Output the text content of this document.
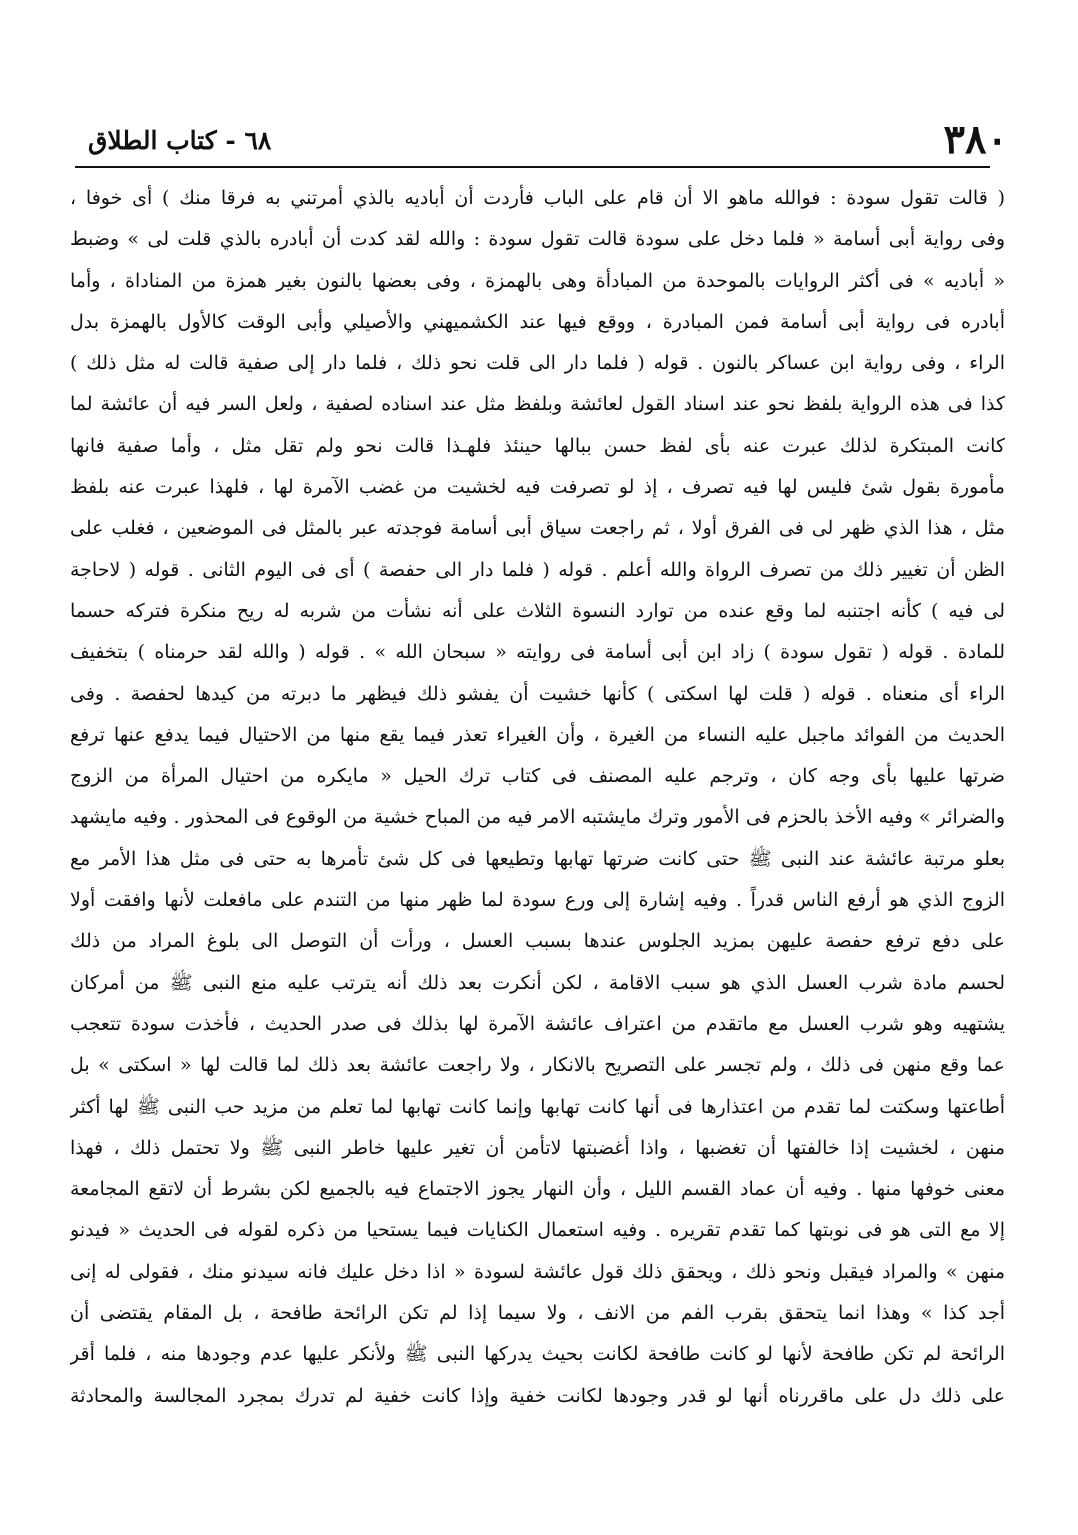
٣٨٠
٦٨ - كتاب الطلاق
( قالت تقول سودة : فوالله ماهو الا أن قام على الباب فأردت أن أباديه بالذي أمرتني به فرقا منك ) أى خوفا ،
وفى رواية أبى أسامة « فلما دخل على سودة قالت تقول سودة : والله لقد كدت أن أبادره بالذي قلت لى » وضبط
« أباديه » فى أكثر الروايات بالموحدة من المبادأة وهى بالهمزة ، وفى بعضها بالنون بغير همزة من المناداة ، وأما
أبادره فى رواية أبى أسامة فمن المبادرة ، ووقع فيها عند الكشميهني والأصيلي وأبى الوقت كالأول بالهمزة بدل
الراء ، وفى رواية ابن عساكر بالنون . قوله ( فلما دار الى قلت نحو ذلك ، فلما دار إلى صفية قالت له مثل ذلك )
كذا فى هذه الرواية بلفظ نحو عند اسناد القول لعائشة وبلفظ مثل عند اسناده لصفية ، ولعل السر فيه أن عائشة لما
كانت المبتكرة لذلك عبرت عنه بأى لفظ حسن ببالها حينئذ فلهـذا قالت نحو ولم تقل مثل ، وأما صفية فانها
مأمورة بقول شئ فليس لها فيه تصرف ، إذ لو تصرفت فيه لخشيت من غضب الآمرة لها ، فلهذا عبرت عنه بلفظ
مثل ، هذا الذي ظهر لى فى الفرق أولا ، ثم راجعت سياق أبى أسامة فوجدته عبر بالمثل فى الموضعين ، فغلب على
الظن أن تغيير ذلك من تصرف الرواة والله أعلم . قوله ( فلما دار الى حفصة ) أى فى اليوم الثانى . قوله ( لاحاجة
لى فيه ) كأنه اجتنبه لما وقع عنده من توارد النسوة الثلاث على أنه نشأت من شربه له ريح منكرة فتركه حسما
للمادة . قوله ( تقول سودة ) زاد ابن أبى أسامة فى روايته « سبحان الله » . قوله ( والله لقد حرمناه ) بتخفيف
الراء أى منعناه . قوله ( قلت لها اسكتى ) كأنها خشيت أن يفشو ذلك فيظهر ما دبرته من كيدها لحفصة . وفى
الحديث من الفوائد ماجبل عليه النساء من الغيرة ، وأن الغيراء تعذر فيما يقع منها من الاحتيال فيما يدفع عنها ترفع
ضرتها عليها بأى وجه كان ، وترجم عليه المصنف فى كتاب ترك الحيل « مايكره من احتيال المرأة من الزوج
والضرائر » وفيه الأخذ بالحزم فى الأمور وترك مايشتبه الامر فيه من المباح خشية من الوقوع فى المحذور . وفيه مايشهد
بعلو مرتبة عائشة عند النبى ﷺ حتى كانت ضرتها تهابها وتطيعها فى كل شئ تأمرها به حتى فى مثل هذا الأمر مع
الزوج الذي هو أرفع الناس قدراً . وفيه إشارة إلى ورع سودة لما ظهر منها من التندم على مافعلت لأنها وافقت أولا
على دفع ترفع حفصة عليهن بمزيد الجلوس عندها بسبب العسل ، ورأت أن التوصل الى بلوغ المراد من ذلك
لحسم مادة شرب العسل الذي هو سبب الاقامة ، لكن أنكرت بعد ذلك أنه يترتب عليه منع النبى ﷺ من أمركان
يشتهيه وهو شرب العسل مع ماتقدم من اعتراف عائشة الآمرة لها بذلك فى صدر الحديث ، فأخذت سودة تتعجب
عما وقع منهن فى ذلك ، ولم تجسر على التصريح بالانكار ، ولا راجعت عائشة بعد ذلك لما قالت لها « اسكتى » بل
أطاعتها وسكتت لما تقدم من اعتذارها فى أنها كانت تهابها وإنما كانت تهابها لما تعلم من مزيد حب النبى ﷺ لها أكثر
منهن ، لخشيت إذا خالفتها أن تغضبها ، واذا أغضبتها لاتأمن أن تغير عليها خاطر النبى ﷺ ولا تحتمل ذلك ، فهذا
معنى خوفها منها . وفيه أن عماد القسم الليل ، وأن النهار يجوز الاجتماع فيه بالجميع لكن بشرط أن لاتقع المجامعة
إلا مع التى هو فى نوبتها كما تقدم تقريره . وفيه استعمال الكنايات فيما يستحيا من ذكره لقوله فى الحديث « فيدنو
منهن » والمراد فيقبل ونحو ذلك ، ويحقق ذلك قول عائشة لسودة « اذا دخل عليك فانه سيدنو منك ، فقولى له إنى
أجد كذا » وهذا انما يتحقق بقرب الفم من الانف ، ولا سيما إذا لم تكن الرائحة طافحة ، بل المقام يقتضى أن
الرائحة لم تكن طافحة لأنها لو كانت طافحة لكانت بحيث يدركها النبى ﷺ ولأنكر عليها عدم وجودها منه ، فلما أقر
على ذلك دل على ماقررناه أنها لو قدر وجودها لكانت خفية وإذا كانت خفية لم تدرك بمجرد المجالسة والمحادثة
